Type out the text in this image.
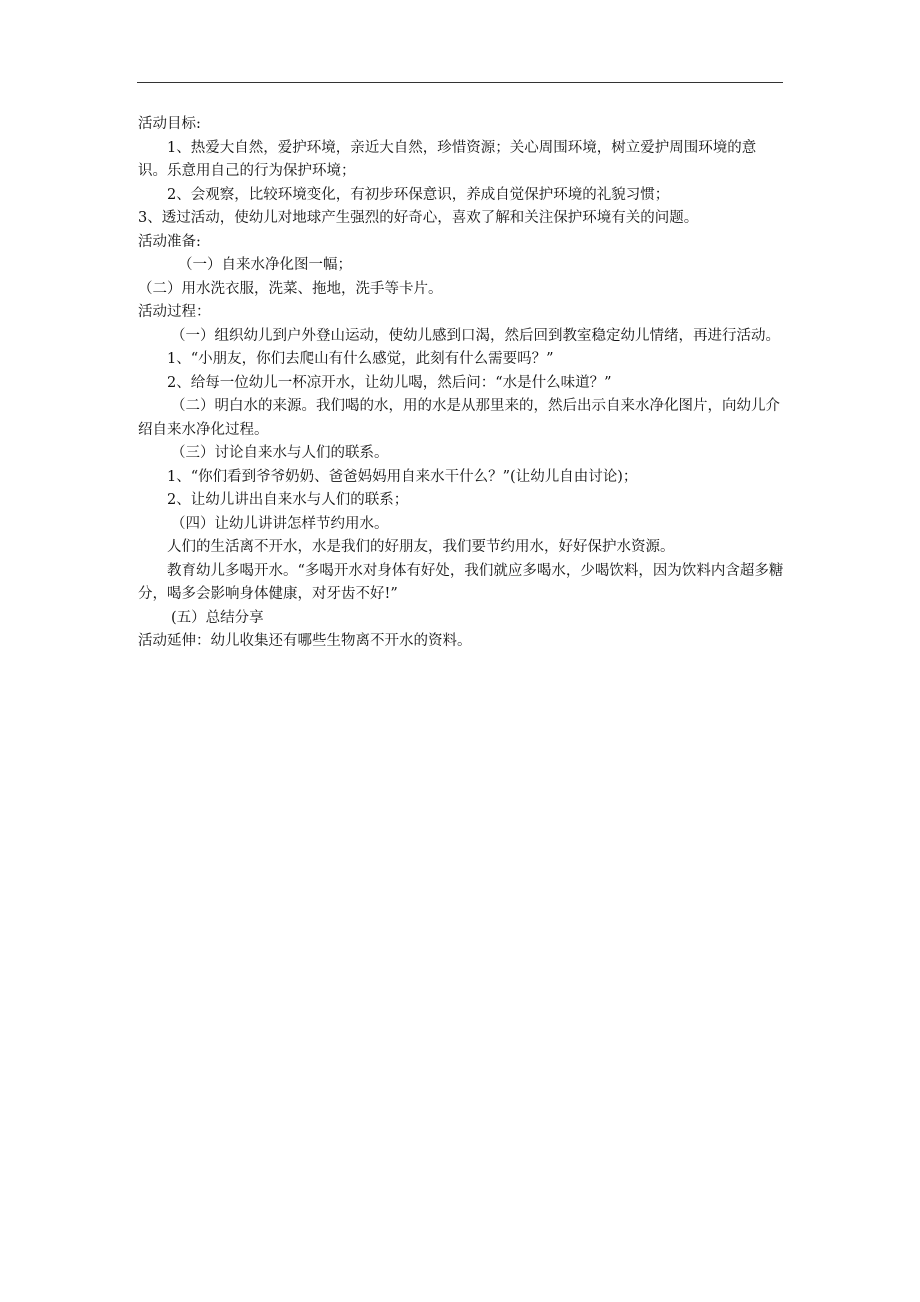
活动目标:

1、热爱大自然，爱护环境，亲近大自然，珍惜资源；关心周围环境，树立爱护周围环境的意识。乐意用自己的行为保护环境；

2、会观察，比较环境变化，有初步环保意识，养成自觉保护环境的礼貌习惯；

3、透过活动，使幼儿对地球产生强烈的好奇心，喜欢了解和关注保护环境有关的问题。

活动准备:

（一）自来水净化图一幅；

（二）用水洗衣服，洗菜、拖地，洗手等卡片。

活动过程：

（一）组织幼儿到户外登山运动，使幼儿感到口渴，然后回到教室稳定幼儿情绪，再进行活动。

1、“小朋友，你们去爬山有什么感觉，此刻有什么需要吗？”

2、给每一位幼儿一杯凉开水，让幼儿喝，然后问：“水是什么味道？”

（二）明白水的来源。我们喝的水，用的水是从那里来的，然后出示自来水净化图片，向幼儿介绍自来水净化过程。

（三）讨论自来水与人们的联系。

1、“你们看到爷爷奶奶、爸爸妈妈用自来水干什么？”(让幼儿自由讨论)；

2、让幼儿讲出自来水与人们的联系；

（四）让幼儿讲讲怎样节约用水。

人们的生活离不开水，水是我们的好朋友，我们要节约用水，好好保护水资源。

教育幼儿多喝开水。“多喝开水对身体有好处，我们就应多喝水，少喝饮料，因为饮料内含超多糖分，喝多会影响身体健康，对牙齿不好!”

(五）总结分享

活动延伸：幼儿收集还有哪些生物离不开水的资料。
